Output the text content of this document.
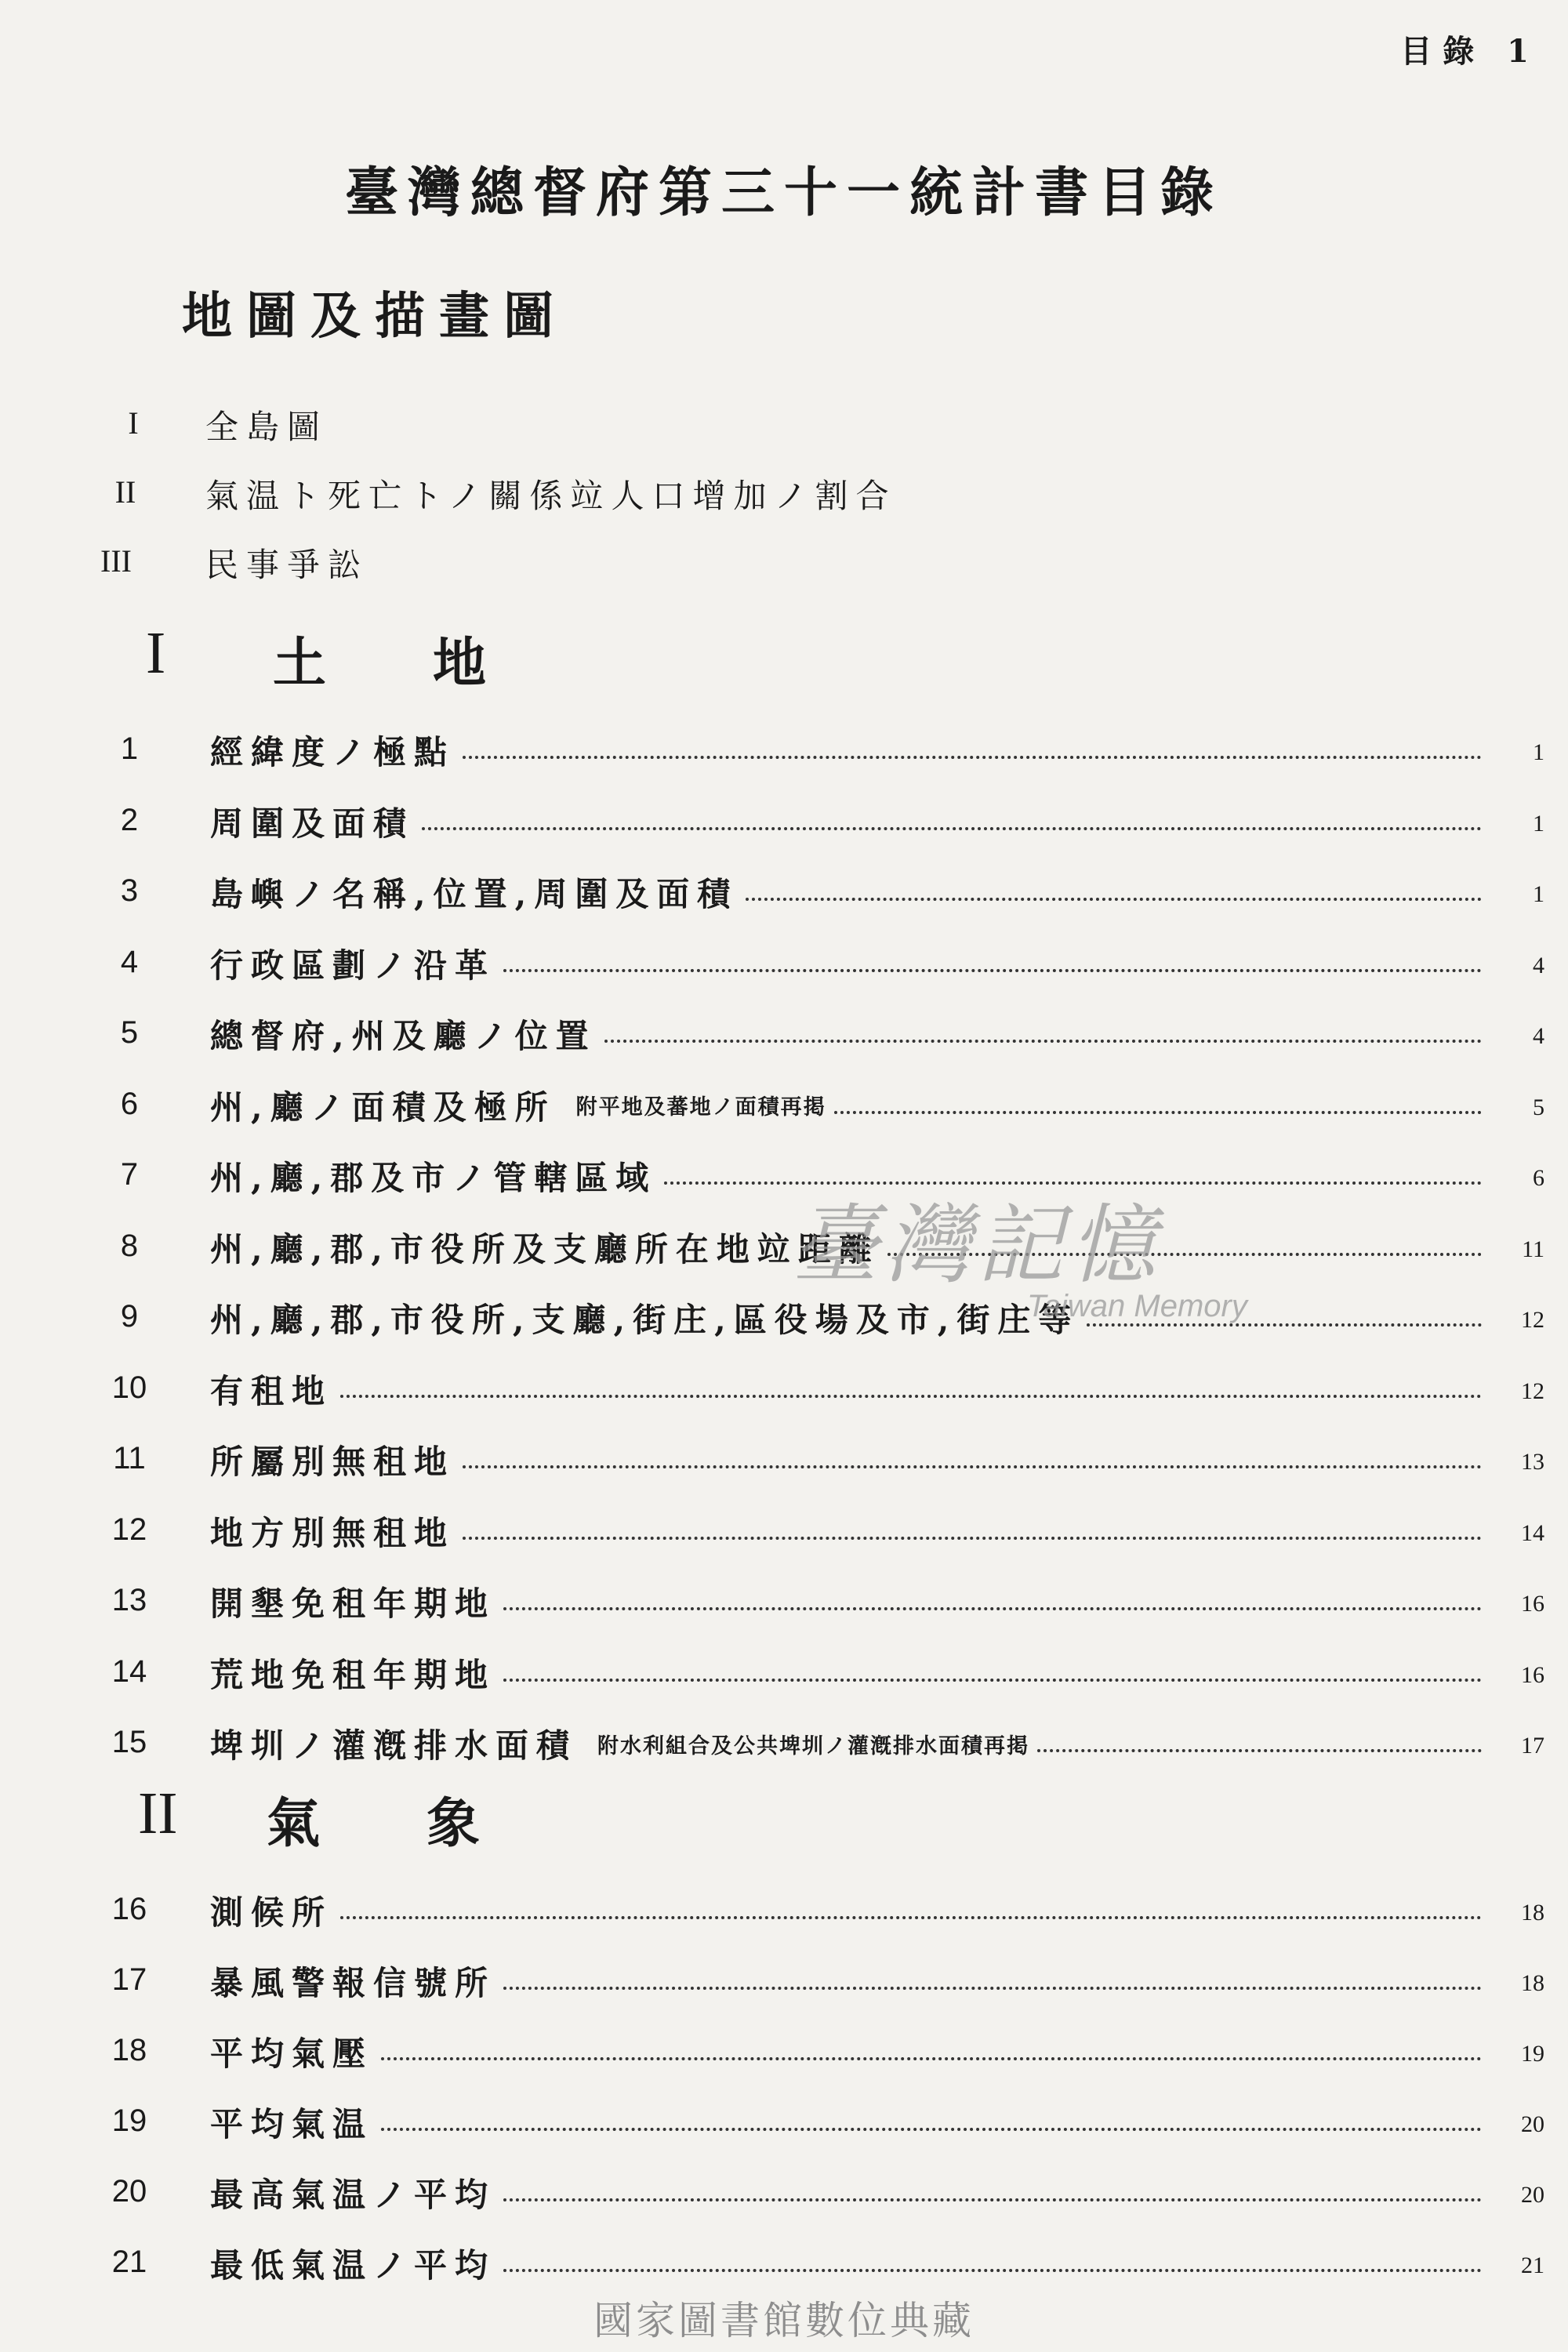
目錄 1
臺灣總督府第三十一統計書目錄
地圖及描畫圖
I	全島圖
II	氣温ト死亡トノ關係竝人口增加ノ割合
III	民事爭訟
I 土　　地
1	經緯度ノ極點	1
2	周圍及面積	1
3	島嶼ノ名稱,位置,周圍及面積	1
4	行政區劃ノ沿革	4
5	總督府,州及廳ノ位置	4
6	州,廳ノ面積及極所 附平地及蕃地ノ面積再掲	5
7	州,廳,郡及市ノ管轄區域	6
8	州,廳,郡,市役所及支廳所在地竝距離	11
9	州,廳,郡,市役所,支廳,街庄,區役場及市,街庄等	12
10	有租地	12
11	所屬別無租地	13
12	地方別無租地	14
13	開墾免租年期地	16
14	荒地免租年期地	16
15	埤圳ノ灌漑排水面積 附水利組合及公共埤圳ノ灌漑排水面積再掲	17
II 氣　　象
16	測候所	18
17	暴風警報信號所	18
18	平均氣壓	19
19	平均氣温	20
20	最高氣温ノ平均	20
21	最低氣温ノ平均	21
臺灣記憶
Taiwan Memory
國家圖書館數位典藏
